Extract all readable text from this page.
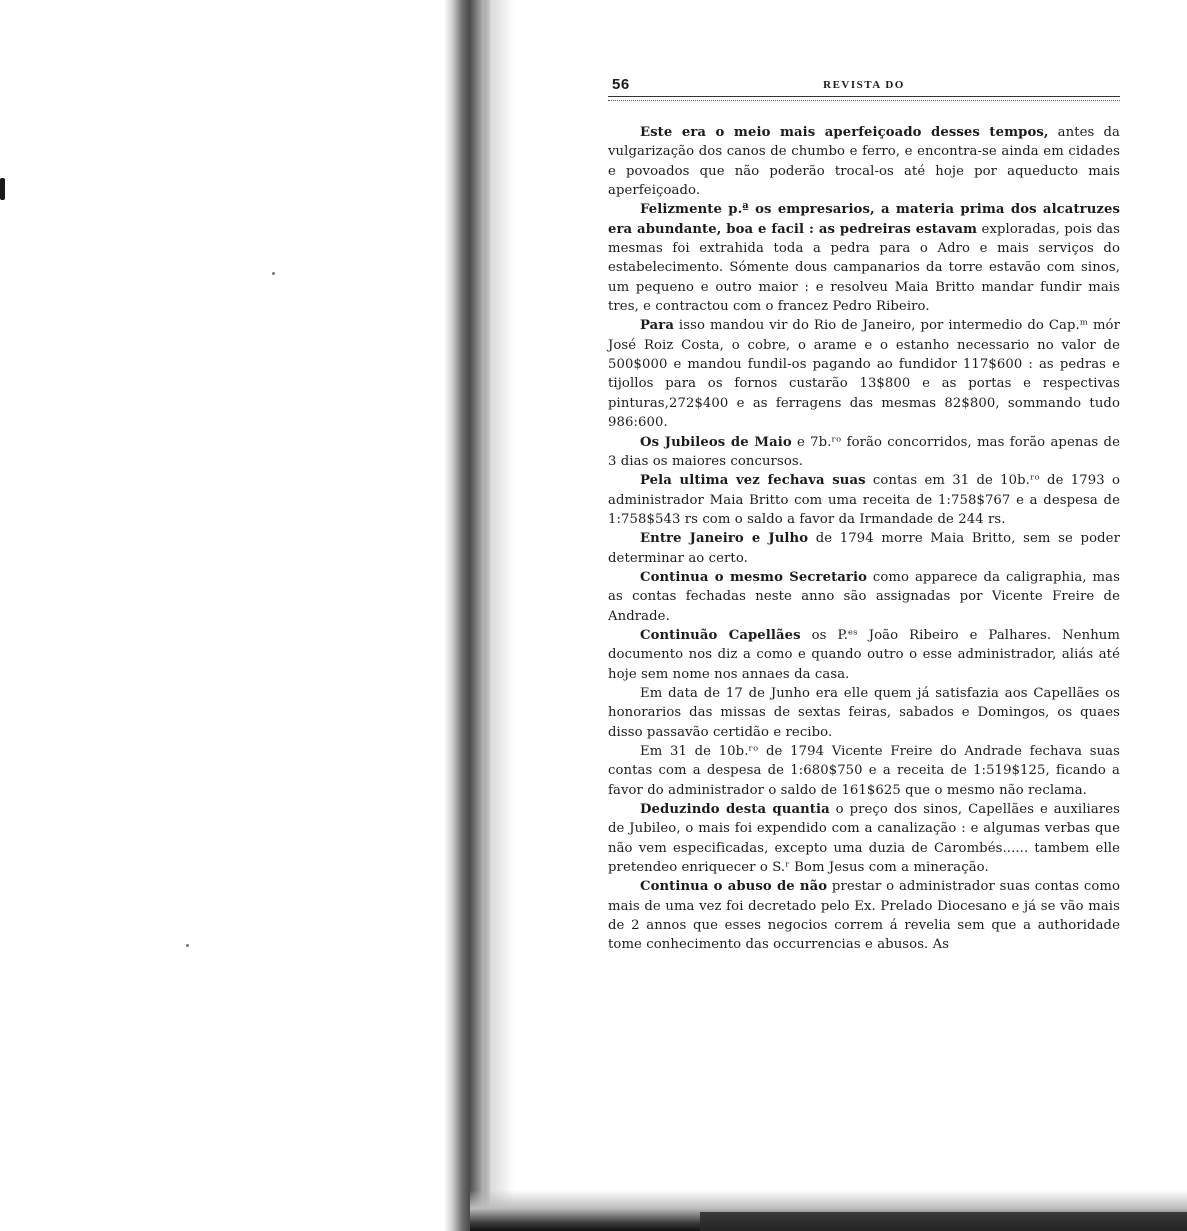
56	REVISTA DO

Este era o meio mais aperfeiçoado desses tempos, antes da vulgarização dos canos de chumbo e ferro, e encontra-se ainda em cidades e povoados que não poderão trocal-os até hoje por aqueducto mais aperfeiçoado.

Felizmente p.ª os empresarios, a materia prima dos alcatruzes era abundante, boa e facil : as pedreiras estavam exploradas, pois das mesmas foi extrahida toda a pedra para o Adro e mais serviços do estabelecimento. Sómente dous campanarios da torre estavão com sinos, um pequeno e outro maior : e resolveu Maia Britto mandar fundir mais tres, e contractou com o francez Pedro Ribeiro.

Para isso mandou vir do Rio de Janeiro, por intermedio do Cap.ᵐ mór José Roiz Costa, o cobre, o arame e o estanho necessario no valor de 500$000 e mandou fundil-os pagando ao fundidor 117$600 : as pedras e tijollos para os fornos custarão 13$800 e as portas e respectivas pinturas,272$400 e as ferragens das mesmas 82$800, sommando tudo 986:600.

Os Jubileos de Maio e 7b.ʳᵒ forão concorridos, mas forão apenas de 3 dias os maiores concursos.

Pela ultima vez fechava suas contas em 31 de 10b.ʳᵒ de 1793 o administrador Maia Britto com uma receita de 1:758$767 e a despesa de 1:758$543 rs com o saldo a favor da Irmandade de 244 rs.

Entre Janeiro e Julho de 1794 morre Maia Britto, sem se poder determinar ao certo.

Continua o mesmo Secretario como apparece da caligraphia, mas as contas fechadas neste anno são assignadas por Vicente Freire de Andrade.

Continuão Capellães os P.ᵉˢ João Ribeiro e Palhares. Nenhum documento nos diz a como e quando outro o esse administrador, aliás até hoje sem nome nos annaes da casa.

Em data de 17 de Junho era elle quem já satisfazia aos Capellães os honorarios das missas de sextas feiras, sabados e Domingos, os quaes disso passavão certidão e recibo.

Em 31 de 10b.ʳᵒ de 1794 Vicente Freire do Andrade fechava suas contas com a despesa de 1:680$750 e a receita de 1:519$125, ficando a favor do administrador o saldo de 161$625 que o mesmo não reclama.

Deduzindo desta quantia o preço dos sinos, Capellães e auxiliares de Jubileo, o mais foi expendido com a canalização : e algumas verbas que não vem especificadas, excepto uma duzia de Carombés...... tambem elle pretendeo enriquecer o S.ʳ Bom Jesus com a mineração.

Continua o abuso de não prestar o administrador suas contas como mais de uma vez foi decretado pelo Ex. Prelado Diocesano e já se vão mais de 2 annos que esses negocios correm á revelia sem que a authoridade tome conhecimento das occurrencias e abusos. As
